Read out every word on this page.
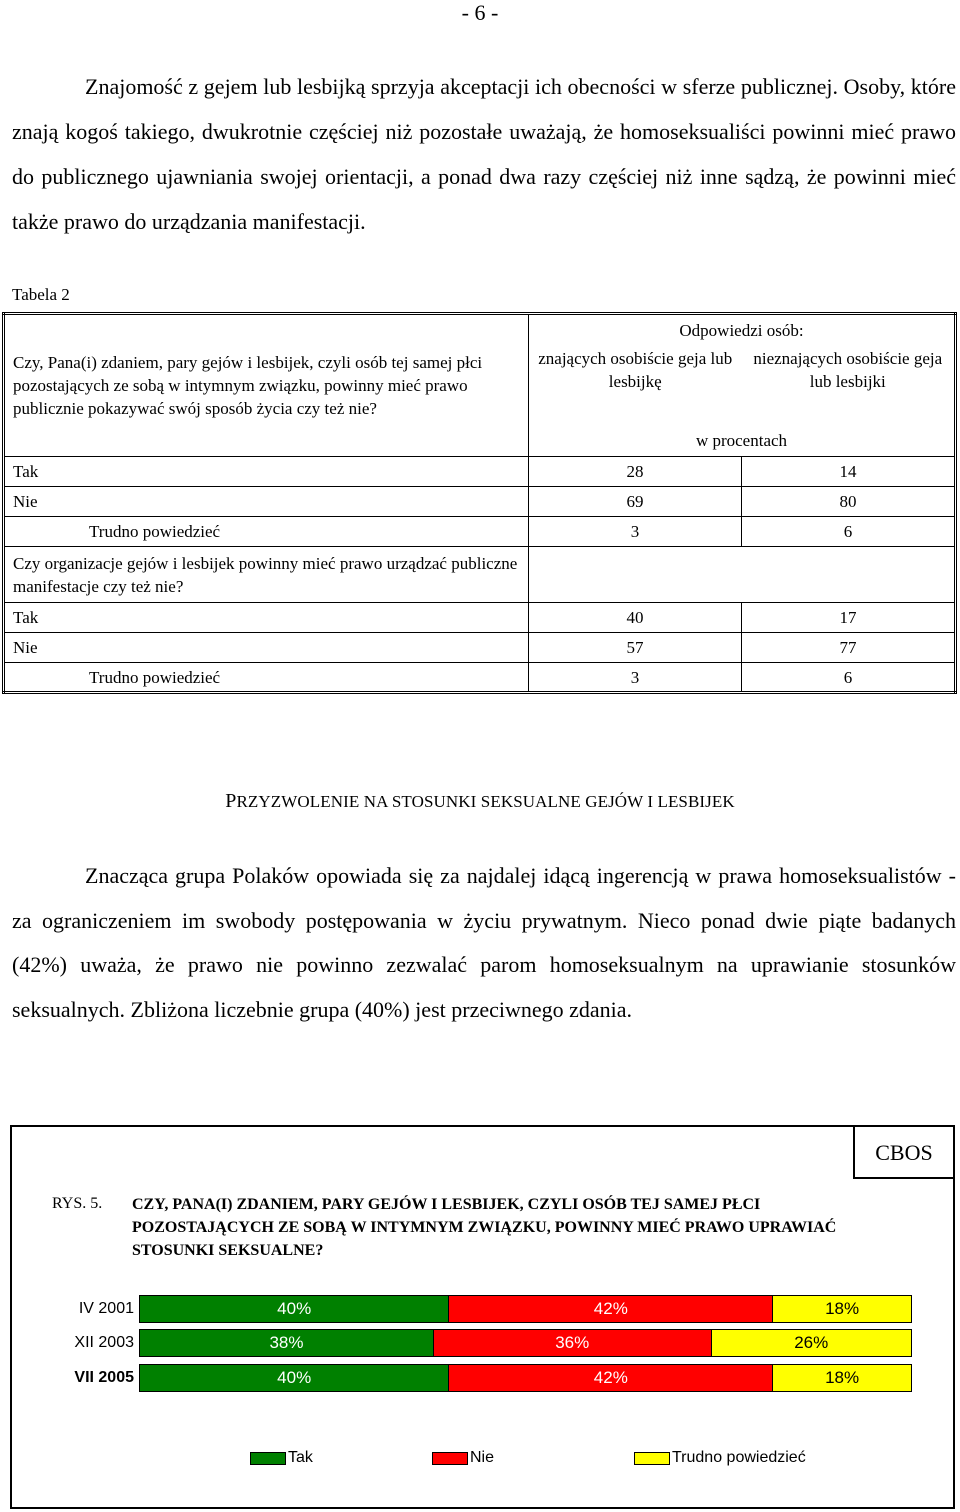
- 6 -
Znajomość z gejem lub lesbijką sprzyja akceptacji ich obecności w sferze publicznej. Osoby, które znają kogoś takiego, dwukrotnie częściej niż pozostałe uważają, że homoseksualiści powinni mieć prawo do publicznego ujawniania swojej orientacji, a ponad dwa razy częściej niż inne sądzą, że powinni mieć także prawo do urządzania manifestacji.
Tabela 2
Czy, Pana(i) zdaniem, pary gejów i lesbijek, czyli osób tej samej płci pozostających ze sobą w intymnym związku, powinny mieć prawo publicznie pokazywać swój sposób życia czy też nie?	Odpowiedzi osób:	
	znających osobiście geja lub lesbijkę	nieznających osobiście geja lub lesbijki
	w procentach	
Tak	28	14
Nie	69	80
Trudno powiedzieć	3	6
Czy organizacje gejów i lesbijek powinny mieć prawo urządzać publiczne manifestacje czy też nie?		
Tak	40	17
Nie	57	77
Trudno powiedzieć	3	6
PRZYZWOLENIE NA STOSUNKI SEKSUALNE GEJÓW I LESBIJEK
Znacząca grupa Polaków opowiada się za najdalej idącą ingerencją w prawa homoseksualistów - za ograniczeniem im swobody postępowania w życiu prywatnym. Nieco ponad dwie piąte badanych (42%) uważa, że prawo nie powinno zezwalać parom homoseksualnym na uprawianie stosunków seksualnych. Zbliżona liczebnie grupa (40%) jest przeciwnego zdania.
CBOS
RYS. 5. CZY, PANA(I) ZDANIEM, PARY GEJÓW I LESBIJEK, CZYLI OSÓB TEJ SAMEJ PŁCI POZOSTAJĄCYCH ZE SOBĄ W INTYMNYM ZWIĄZKU, POWINNY MIEĆ PRAWO UPRAWIAĆ STOSUNKI SEKSUALNE?
IV 2001	40%	42%	18%
XII 2003	38%	36%	26%
VII 2005	40%	42%	18%
Tak	Nie	Trudno powiedzieć
